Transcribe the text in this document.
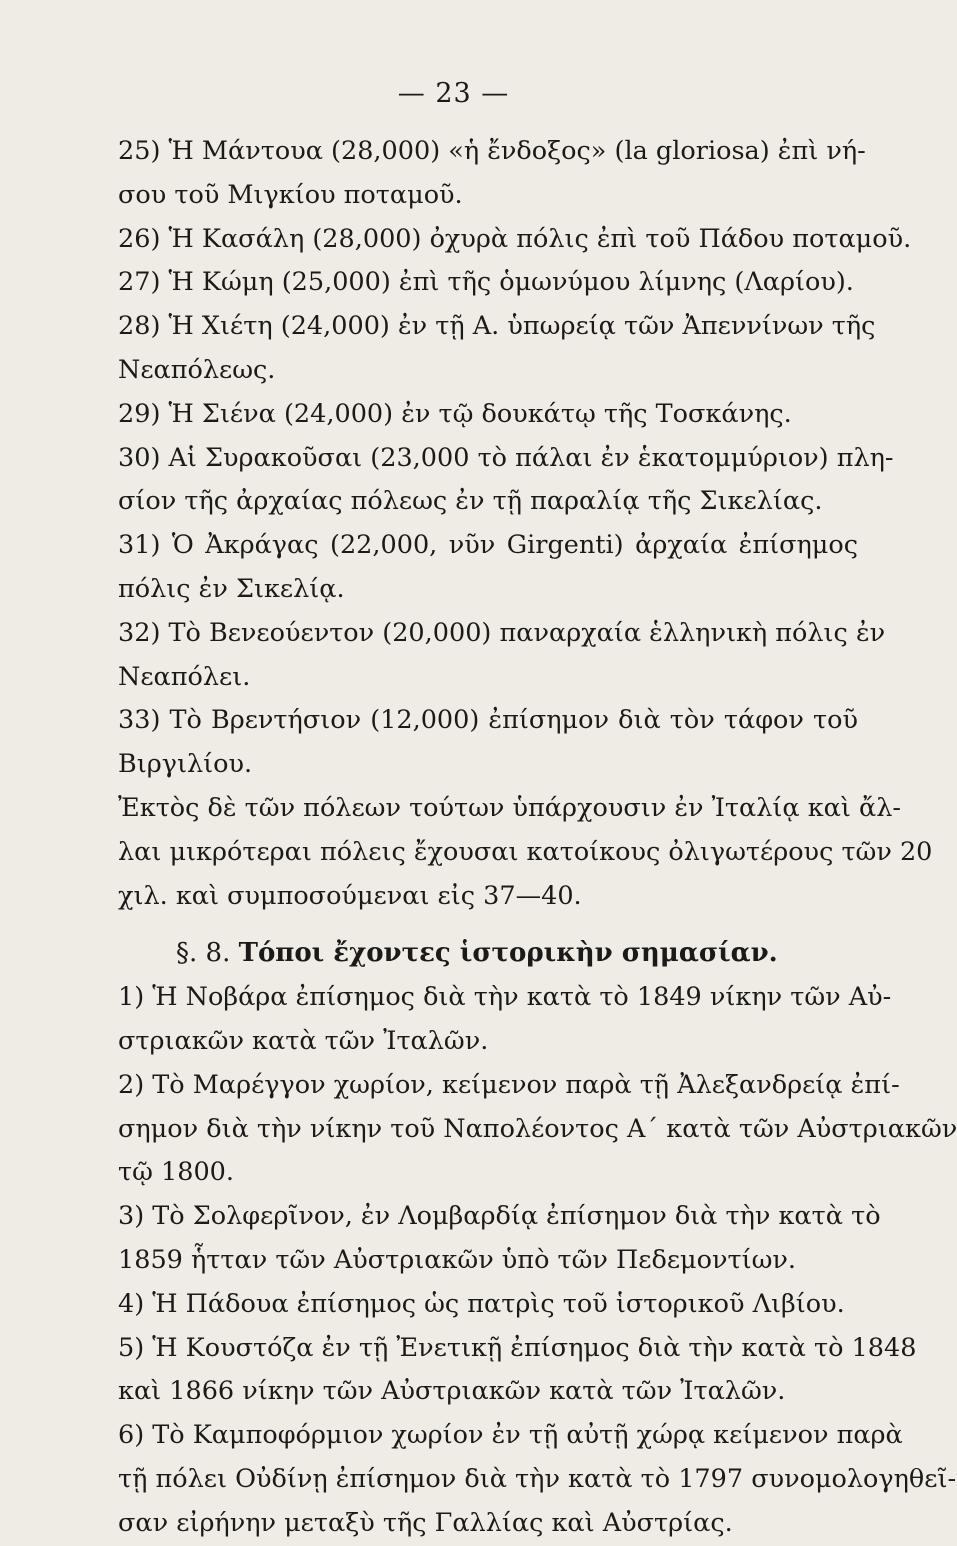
— 23 —
25) Ἡ Μάντουα (28,000) «ἡ ἔνδοξος» (la gloriosa) ἐπὶ νή-
σου τοῦ Μιγκίου ποταμοῦ.
26) Ἡ Κασάλη (28,000) ὀχυρὰ πόλις ἐπὶ τοῦ Πάδου ποταμοῦ.
27) Ἡ Κώμη (25,000) ἐπὶ τῆς ὁμωνύμου λίμνης (Λαρίου).
28) Ἡ Χιέτη (24,000) ἐν τῇ Α. ὑπωρείᾳ τῶν Ἀπεννίνων τῆς
Νεαπόλεως.
29) Ἡ Σιένα (24,000) ἐν τῷ δουκάτῳ τῆς Τοσκάνης.
30) Αἱ Συρακοῦσαι (23,000 τὸ πάλαι ἐν ἑκατομμύριον) πλη-
σίον τῆς ἀρχαίας πόλεως ἐν τῇ παραλίᾳ τῆς Σικελίας.
31) Ὁ Ἀκράγας (22,000, νῦν Girgenti) ἀρχαία ἐπίσημος
πόλις ἐν Σικελίᾳ.
32) Τὸ Βενεούεντον (20,000) παναρχαία ἑλληνικὴ πόλις ἐν
Νεαπόλει.
33) Τὸ Βρεντήσιον (12,000) ἐπίσημον διὰ τὸν τάφον τοῦ
Βιργιλίου.
Ἐκτὸς δὲ τῶν πόλεων τούτων ὑπάρχουσιν ἐν Ἰταλίᾳ καὶ ἄλ-
λαι μικρότεραι πόλεις ἔχουσαι κατοίκους ὀλιγωτέρους τῶν 20
χιλ. καὶ συμποσούμεναι εἰς 37—40.
§. 8. Τόποι ἔχοντες ἱστορικὴν σημασίαν.
1) Ἡ Νοβάρα ἐπίσημος διὰ τὴν κατὰ τὸ 1849 νίκην τῶν Αὐ-
στριακῶν κατὰ τῶν Ἰταλῶν.
2) Τὸ Μαρέγγον χωρίον, κείμενον παρὰ τῇ Ἀλεξανδρείᾳ ἐπί-
σημον διὰ τὴν νίκην τοῦ Ναπολέοντος Α΄ κατὰ τῶν Αὐστριακῶν
τῷ 1800.
3) Τὸ Σολφερῖνον, ἐν Λομβαρδίᾳ ἐπίσημον διὰ τὴν κατὰ τὸ
1859 ἧτταν τῶν Αὐστριακῶν ὑπὸ τῶν Πεδεμοντίων.
4) Ἡ Πάδουα ἐπίσημος ὡς πατρὶς τοῦ ἱστορικοῦ Λιβίου.
5) Ἡ Κουστόζα ἐν τῇ Ἐνετικῇ ἐπίσημος διὰ τὴν κατὰ τὸ 1848
καὶ 1866 νίκην τῶν Αὐστριακῶν κατὰ τῶν Ἰταλῶν.
6) Τὸ Καμποφόρμιον χωρίον ἐν τῇ αὐτῇ χώρᾳ κείμενον παρὰ
τῇ πόλει Οὐδίνῃ ἐπίσημον διὰ τὴν κατὰ τὸ 1797 συνομολογηθεῖ-
σαν εἰρήνην μεταξὺ τῆς Γαλλίας καὶ Αὐστρίας.
